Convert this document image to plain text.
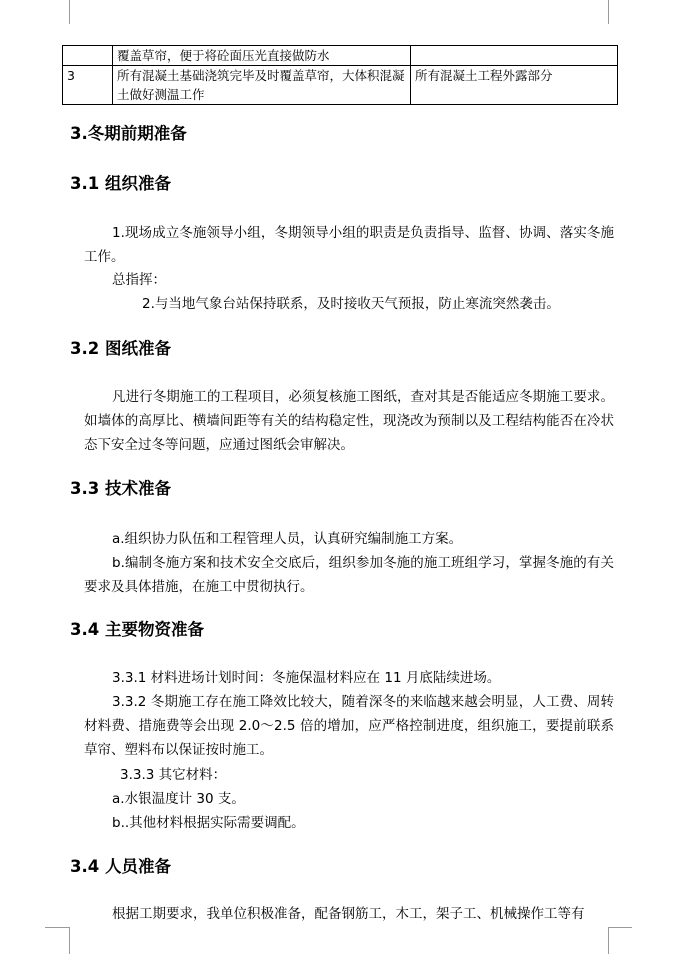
	覆盖草帘，便于将砼面压光直接做防水	
3	所有混凝土基础浇筑完毕及时覆盖草帘，大体积混凝土做好测温工作	所有混凝土工程外露部分
3.冬期前期准备
3.1 组织准备

1.现场成立冬施领导小组，冬期领导小组的职责是负责指导、监督、协调、落实冬施工作。

总指挥：

2.与当地气象台站保持联系，及时接收天气预报，防止寒流突然袭击。

3.2 图纸准备

凡进行冬期施工的工程项目，必须复核施工图纸，查对其是否能适应冬期施工要求。如墙体的高厚比、横墙间距等有关的结构稳定性，现浇改为预制以及工程结构能否在冷状态下安全过冬等问题，应通过图纸会审解决。

3.3 技术准备

a.组织协力队伍和工程管理人员，认真研究编制施工方案。

b.编制冬施方案和技术安全交底后，组织参加冬施的施工班组学习，掌握冬施的有关要求及具体措施，在施工中贯彻执行。

3.4 主要物资准备

3.3.1 材料进场计划时间：冬施保温材料应在 11 月底陆续进场。

3.3.2 冬期施工存在施工降效比较大，随着深冬的来临越来越会明显，人工费、周转材料费、措施费等会出现 2.0～2.5 倍的增加，应严格控制进度，组织施工，要提前联系草帘、塑料布以保证按时施工。

3.3.3 其它材料：

a.水银温度计 30 支。

b..其他材料根据实际需要调配。

3.4 人员准备

根据工期要求，我单位积极准备，配备钢筋工，木工，架子工、机械操作工等有
